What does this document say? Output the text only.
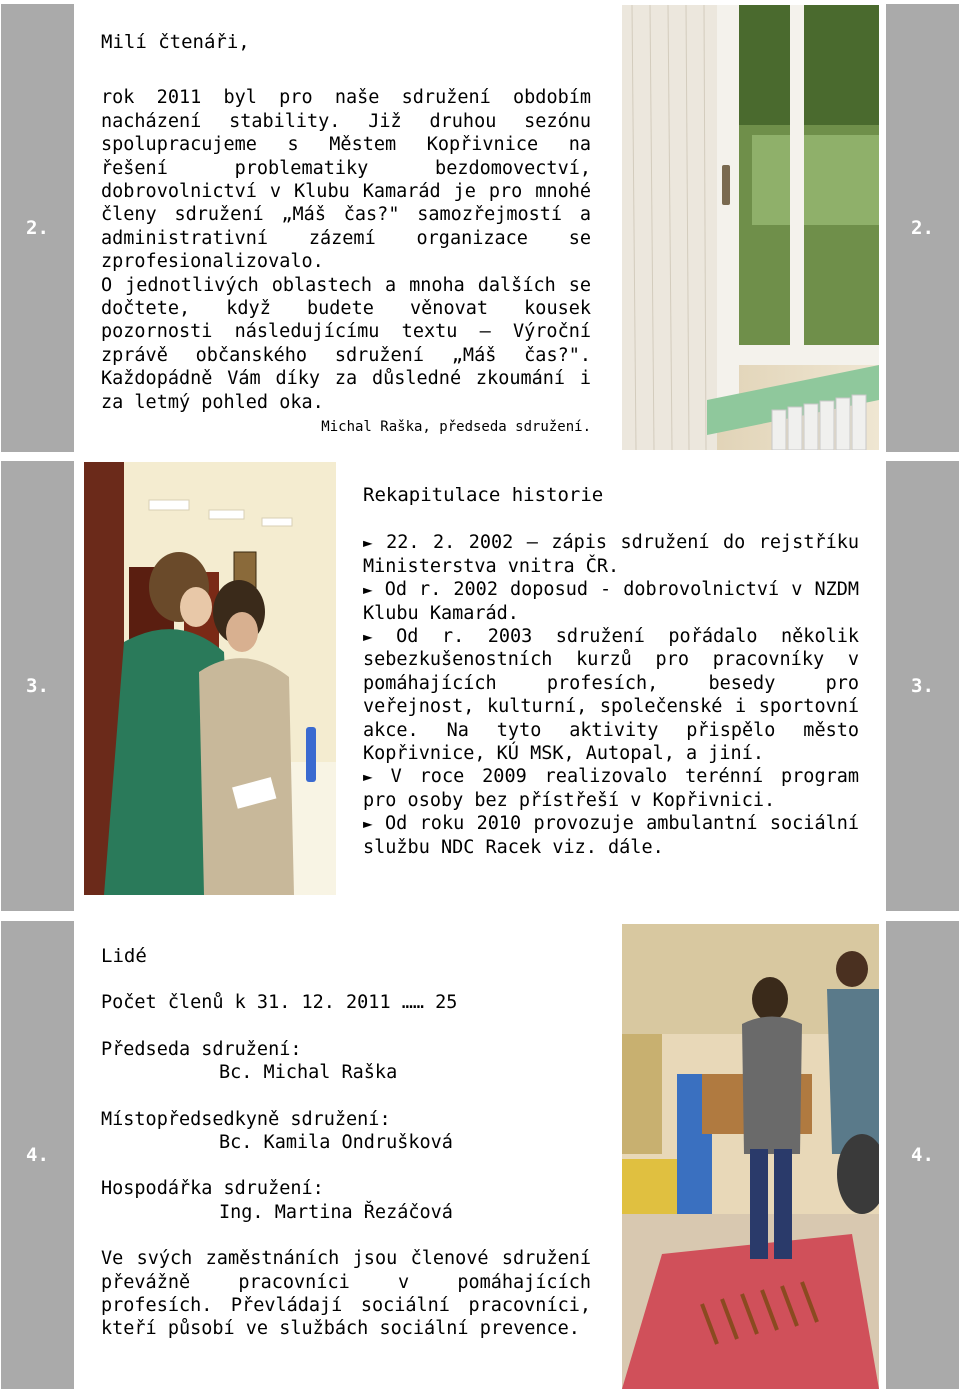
2.
Milí čtenáři,

rok 2011 byl pro naše sdružení obdobím nacházení stability. Již druhou sezónu spolupracujeme s Městem Kopřivnice na řešení problematiky bezdomovectví, dobrovolnictví v Klubu Kamarád je pro mnohé členy sdružení „Máš čas?" samozřejmostí a administrativní zázemí organizace se zprofesionalizovalo.

O jednotlivých oblastech a mnoha dalších se dočtete, když budete věnovat kousek pozornosti následujícímu textu – Výroční zprávě občanského sdružení „Máš čas?". Každopádně Vám díky za důsledné zkoumání i za letmý pohled oka.

Michal Raška, předseda sdružení.
2.
3.
Rekapitulace historie

► 22. 2. 2002 – zápis sdružení do rejstříku Ministerstva vnitra ČR.

► Od r. 2002 doposud - dobrovolnictví v NZDM Klubu Kamarád.

► Od r. 2003 sdružení pořádalo několik sebezkušenostních kurzů pro pracovníky v pomáhajících profesích, besedy pro veřejnost, kulturní, společenské i sportovní akce. Na tyto aktivity přispělo město Kopřivnice, KÚ MSK, Autopal, a jiní.

► V roce 2009 realizovalo terénní program pro osoby bez přístřeší v Kopřivnici.

► Od roku 2010 provozuje ambulantní sociální službu NDC Racek viz. dále.

3.
4.
Lidé
Počet členů k 31. 12. 2011 …… 25
Předseda sdružení:
Bc. Michal Raška
Místopředsedkyně sdružení:
Bc. Kamila Ondrušková
Hospodářka sdružení:
Ing. Martina Řezáčová

Ve svých zaměstnáních jsou členové sdružení převážně pracovníci v pomáhajících profesích. Převládají sociální pracovníci, kteří působí ve službách sociální prevence.

4.
